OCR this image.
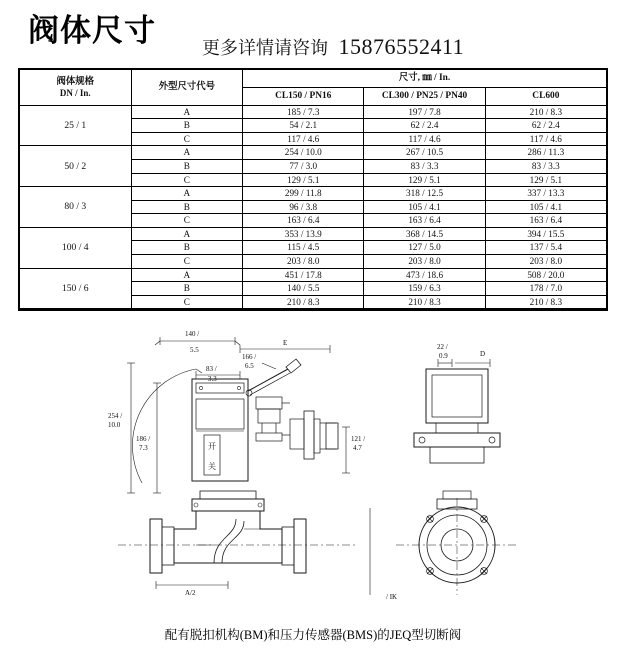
阀体尺寸	更多详情请咨询 15876552411
阀体规格
DN / In.	外型尺寸代号	尺寸, ㎜ / In.		
		CL150 / PN16	CL300 / PN25 / PN40	CL600
25 / 1	A	185 / 7.3	197 / 7.8	210 / 8.3
	B	54 / 2.1	62 / 2.4	62 / 2.4
	C	117 / 4.6	117 / 4.6	117 / 4.6
50 / 2	A	254 / 10.0	267 / 10.5	286 / 11.3
	B	77 / 3.0	83 / 3.3	83 / 3.3
	C	129 / 5.1	129 / 5.1	129 / 5.1
80 / 3	A	299 / 11.8	318 / 12.5	337 / 13.3
	B	96 / 3.8	105 / 4.1	105 / 4.1
	C	163 / 6.4	163 / 6.4	163 / 6.4
100 / 4	A	353 / 13.9	368 / 14.5	394 / 15.5
	B	115 / 4.5	127 / 5.0	137 / 5.4
	C	203 / 8.0	203 / 8.0	203 / 8.0
150 / 6	A	451 / 17.8	473 / 18.6	508 / 20.0
	B	140 / 5.5	159 / 6.3	178 / 7.0
	C	210 / 8.3	210 / 8.3	210 / 8.3
140 /
5.5
E
254 /
10.0
186 /
7.3
83 /
3.3
166 /
6.5
121 /
4.7
开
关
22 /
0.9	D
A/2	/ IK
配有脱扣机构(BM)和压力传感器(BMS)的JEQ型切断阀
